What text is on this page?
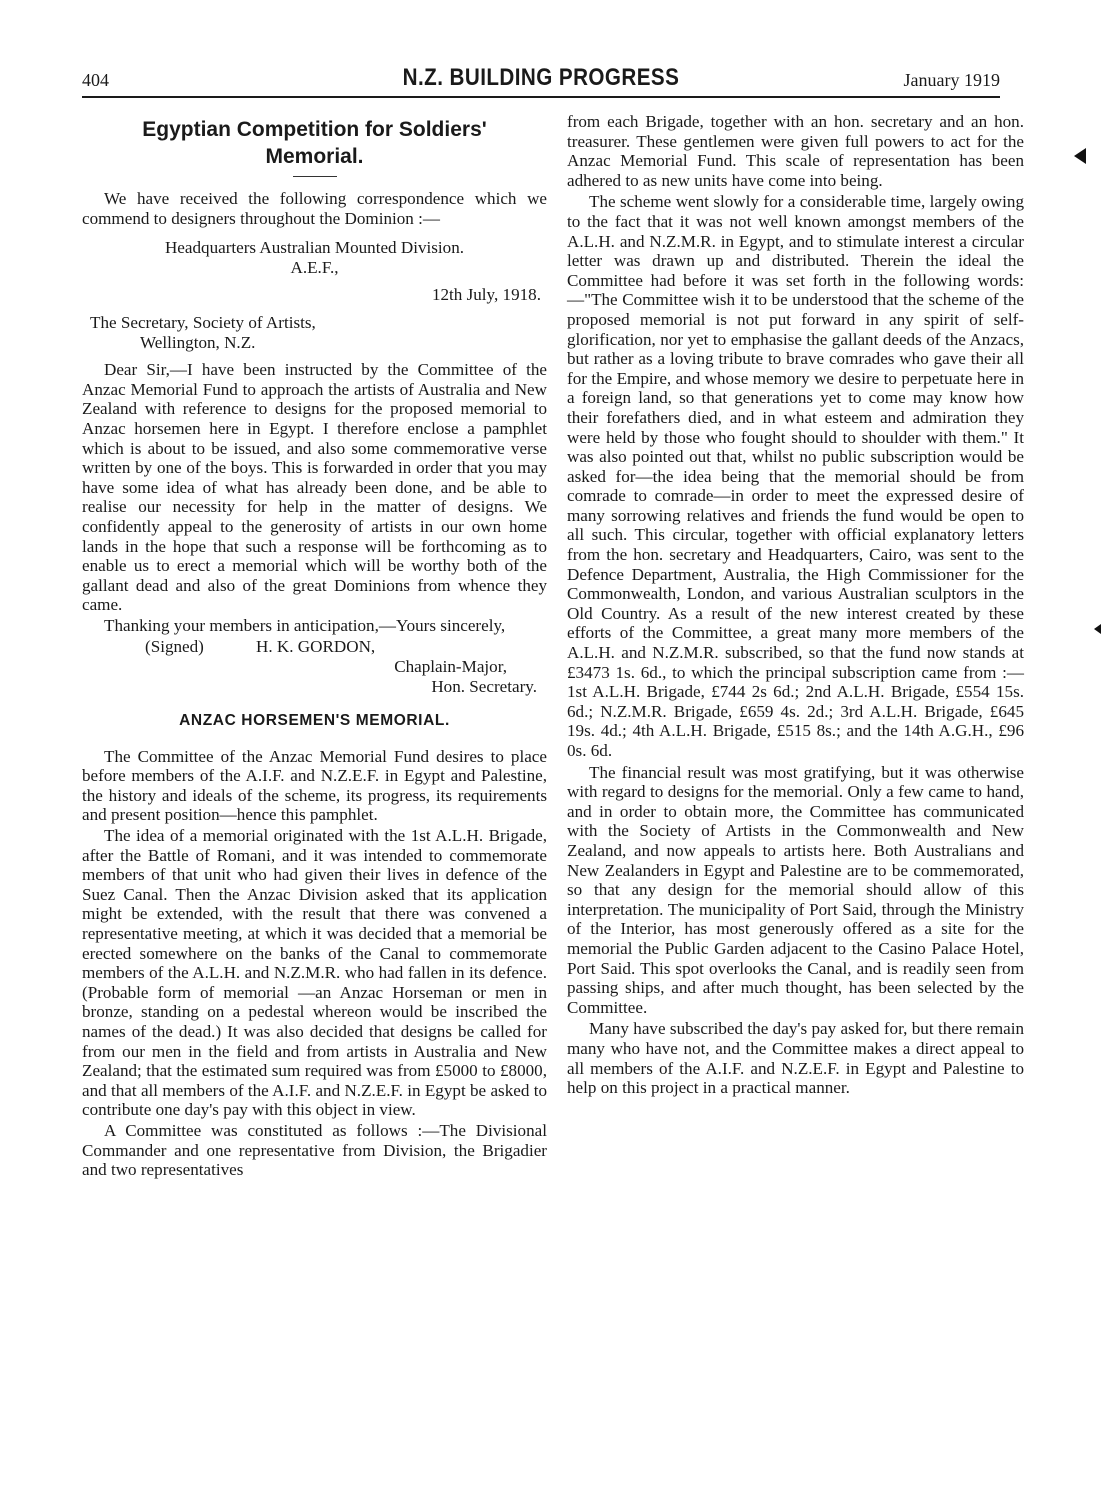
404	N.Z. BUILDING PROGRESS	January 1919
Egyptian Competition for Soldiers'
Memorial.

We have received the following correspondence which we commend to designers throughout the Dominion :—

Headquarters Australian Mounted Division.
A.E.F.,
12th July, 1918.
The Secretary, Society of Artists,
Wellington, N.Z.

Dear Sir,—I have been instructed by the Committee of the Anzac Memorial Fund to approach the artists of Australia and New Zealand with reference to designs for the proposed memorial to Anzac horsemen here in Egypt. I therefore enclose a pamphlet which is about to be issued, and also some commemorative verse written by one of the boys. This is forwarded in order that you may have some idea of what has already been done, and be able to realise our necessity for help in the matter of designs. We confidently appeal to the generosity of artists in our own home lands in the hope that such a response will be forthcoming as to enable us to erect a memorial which will be worthy both of the gallant dead and also of the great Dominions from whence they came.

Thanking your members in anticipation,—Yours sincerely,

(Signed)	H. K. GORDON,
Chaplain-Major,
Hon. Secretary.
ANZAC HORSEMEN'S MEMORIAL.

The Committee of the Anzac Memorial Fund desires to place before members of the A.I.F. and N.Z.E.F. in Egypt and Palestine, the history and ideals of the scheme, its progress, its requirements and present position—hence this pamphlet.

The idea of a memorial originated with the 1st A.L.H. Brigade, after the Battle of Romani, and it was intended to commemorate members of that unit who had given their lives in defence of the Suez Canal. Then the Anzac Division asked that its application might be extended, with the result that there was convened a representative meeting, at which it was decided that a memorial be erected somewhere on the banks of the Canal to commemorate members of the A.L.H. and N.Z.M.R. who had fallen in its defence. (Probable form of memorial —an Anzac Horseman or men in bronze, standing on a pedestal whereon would be inscribed the names of the dead.) It was also decided that designs be called for from our men in the field and from artists in Australia and New Zealand; that the estimated sum required was from £5000 to £8000, and that all members of the A.I.F. and N.Z.E.F. in Egypt be asked to contribute one day's pay with this object in view.

A Committee was constituted as follows :—The Divisional Commander and one representative from Division, the Brigadier and two representatives

from each Brigade, together with an hon. secretary and an hon. treasurer. These gentlemen were given full powers to act for the Anzac Memorial Fund. This scale of representation has been adhered to as new units have come into being.

The scheme went slowly for a considerable time, largely owing to the fact that it was not well known amongst members of the A.L.H. and N.Z.M.R. in Egypt, and to stimulate interest a circular letter was drawn up and distributed. Therein the ideal the Committee had before it was set forth in the following words:—"The Committee wish it to be understood that the scheme of the proposed memorial is not put forward in any spirit of self-glorification, nor yet to emphasise the gallant deeds of the Anzacs, but rather as a loving tribute to brave comrades who gave their all for the Empire, and whose memory we desire to perpetuate here in a foreign land, so that generations yet to come may know how their forefathers died, and in what esteem and admiration they were held by those who fought should to shoulder with them." It was also pointed out that, whilst no public subscription would be asked for—the idea being that the memorial should be from comrade to comrade—in order to meet the expressed desire of many sorrowing relatives and friends the fund would be open to all such. This circular, together with official explanatory letters from the hon. secretary and Headquarters, Cairo, was sent to the Defence Department, Australia, the High Commissioner for the Commonwealth, London, and various Australian sculptors in the Old Country. As a result of the new interest created by these efforts of the Committee, a great many more members of the A.L.H. and N.Z.M.R. subscribed, so that the fund now stands at £3473 1s. 6d., to which the principal subscription came from :—1st A.L.H. Brigade, £744 2s 6d.; 2nd A.L.H. Brigade, £554 15s. 6d.; N.Z.M.R. Brigade, £659 4s. 2d.; 3rd A.L.H. Brigade, £645 19s. 4d.; 4th A.L.H. Brigade, £515 8s.; and the 14th A.G.H., £96 0s. 6d.

The financial result was most gratifying, but it was otherwise with regard to designs for the memorial. Only a few came to hand, and in order to obtain more, the Committee has communicated with the Society of Artists in the Commonwealth and New Zealand, and now appeals to artists here. Both Australians and New Zealanders in Egypt and Palestine are to be commemorated, so that any design for the memorial should allow of this interpretation. The municipality of Port Said, through the Ministry of the Interior, has most generously offered as a site for the memorial the Public Garden adjacent to the Casino Palace Hotel, Port Said. This spot overlooks the Canal, and is readily seen from passing ships, and after much thought, has been selected by the Committee.

Many have subscribed the day's pay asked for, but there remain many who have not, and the Committee makes a direct appeal to all members of the A.I.F. and N.Z.E.F. in Egypt and Palestine to help on this project in a practical manner.
